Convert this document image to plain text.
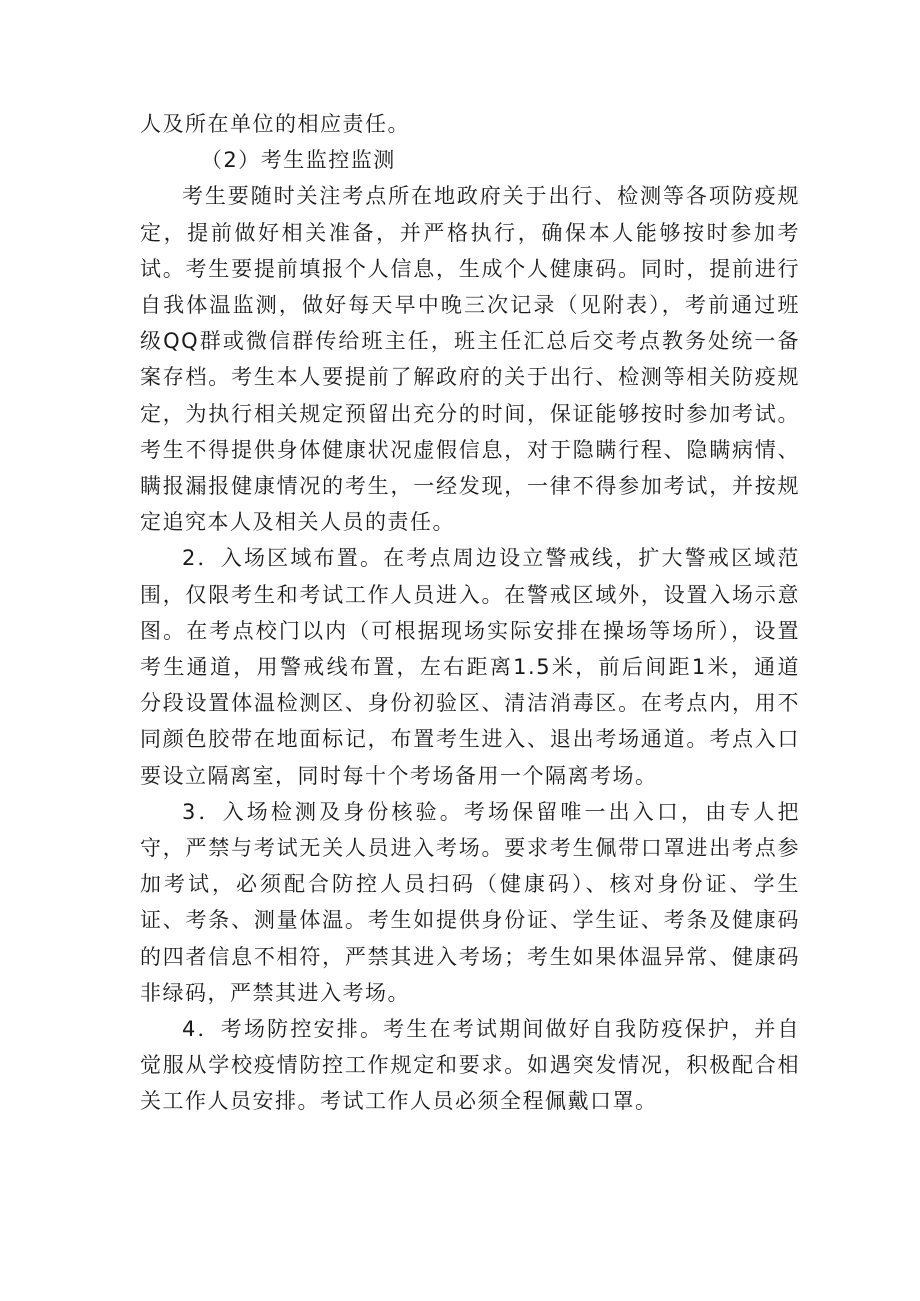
人及所在单位的相应责任。

（2）考生监控监测

考生要随时关注考点所在地政府关于出行、检测等各项防疫规定，提前做好相关准备，并严格执行，确保本人能够按时参加考试。考生要提前填报个人信息，生成个人健康码。同时，提前进行自我体温监测，做好每天早中晚三次记录（见附表），考前通过班级QQ群或微信群传给班主任，班主任汇总后交考点教务处统一备案存档。考生本人要提前了解政府的关于出行、检测等相关防疫规定，为执行相关规定预留出充分的时间，保证能够按时参加考试。考生不得提供身体健康状况虚假信息，对于隐瞒行程、隐瞒病情、瞒报漏报健康情况的考生，一经发现，一律不得参加考试，并按规定追究本人及相关人员的责任。

2．入场区域布置。在考点周边设立警戒线，扩大警戒区域范围，仅限考生和考试工作人员进入。在警戒区域外，设置入场示意图。在考点校门以内（可根据现场实际安排在操场等场所），设置考生通道，用警戒线布置，左右距离1.5米，前后间距1米，通道分段设置体温检测区、身份初验区、清洁消毒区。在考点内，用不同颜色胶带在地面标记，布置考生进入、退出考场通道。考点入口要设立隔离室，同时每十个考场备用一个隔离考场。

3．入场检测及身份核验。考场保留唯一出入口，由专人把守，严禁与考试无关人员进入考场。要求考生佩带口罩进出考点参加考试，必须配合防控人员扫码（健康码）、核对身份证、学生证、考条、测量体温。考生如提供身份证、学生证、考条及健康码的四者信息不相符，严禁其进入考场；考生如果体温异常、健康码非绿码，严禁其进入考场。

4．考场防控安排。考生在考试期间做好自我防疫保护，并自觉服从学校疫情防控工作规定和要求。如遇突发情况，积极配合相关工作人员安排。考试工作人员必须全程佩戴口罩。
